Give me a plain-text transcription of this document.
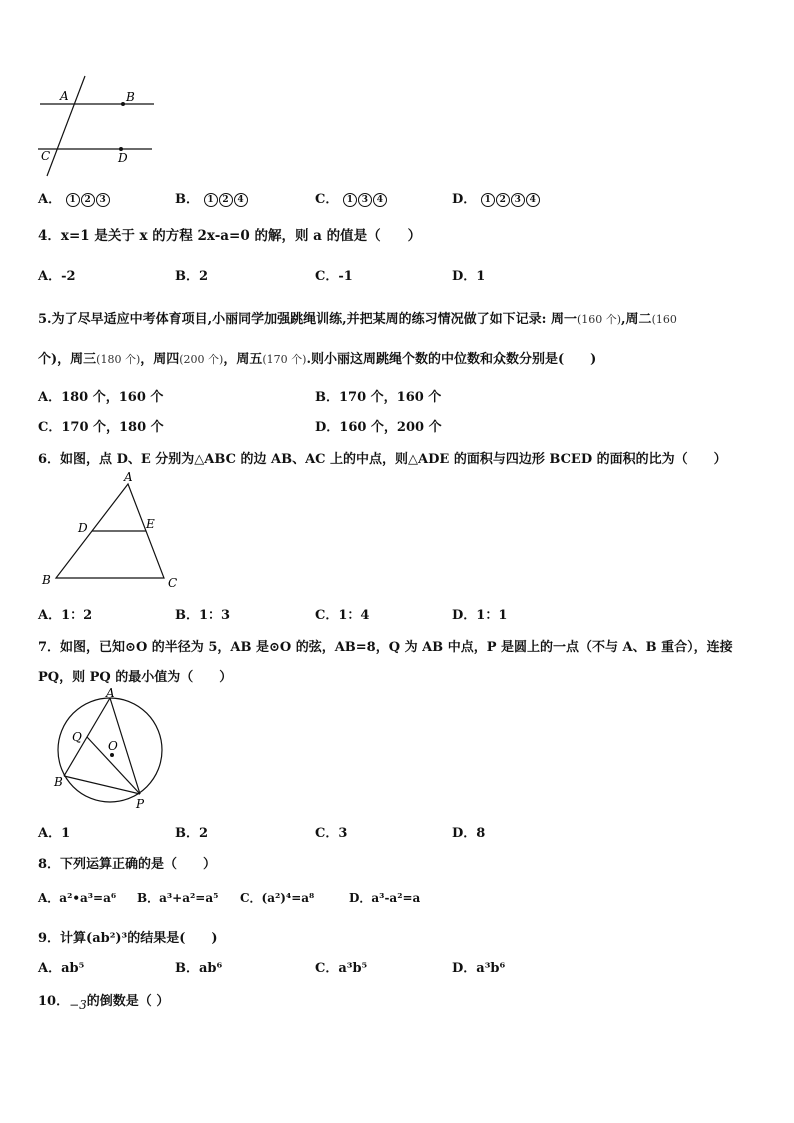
A	B
C	D
A． 1 2 3	B． 1 2 4	C． 1 3 4	D． 1 2 3 4
4．x=1 是关于 x 的方程 2x-a=0 的解，则 a 的值是（　　）
A．-2	B．2	C．-1	D．1
5.为了尽早适应中考体育项目,小丽同学加强跳绳训练,并把某周的练习情况做了如下记录: 周一(160 个),周二(160
个)，周三(180 个)，周四(200 个)，周五(170 个).则小丽这周跳绳个数的中位数和众数分别是(　　)
A．180 个，160 个	B．170 个，160 个
C．170 个，180 个	D．160 个，200 个
6．如图，点 D、E 分别为△ABC 的边 AB、AC 上的中点，则△ADE 的面积与四边形 BCED 的面积的比为（　　）
A
D	E
B	C
A．1：2	B．1：3	C．1：4	D．1：1
7．如图，已知⊙O 的半径为 5，AB 是⊙O 的弦，AB=8，Q 为 AB 中点，P 是圆上的一点（不与 A、B 重合），连接
PQ，则 PQ 的最小值为（　　）
A
Q
O
B
P
A．1	B．2	C．3	D．8
8．下列运算正确的是（　　）
A．a²•a³=a⁶ B．a³+a²=a⁵ C．(a²)⁴=a⁸	D．a³-a²=a
9．计算(ab²)³的结果是(　　)
A．ab⁵	B．ab⁶	C．a³b⁵	D．a³b⁶
10．−3的倒数是（ ）
